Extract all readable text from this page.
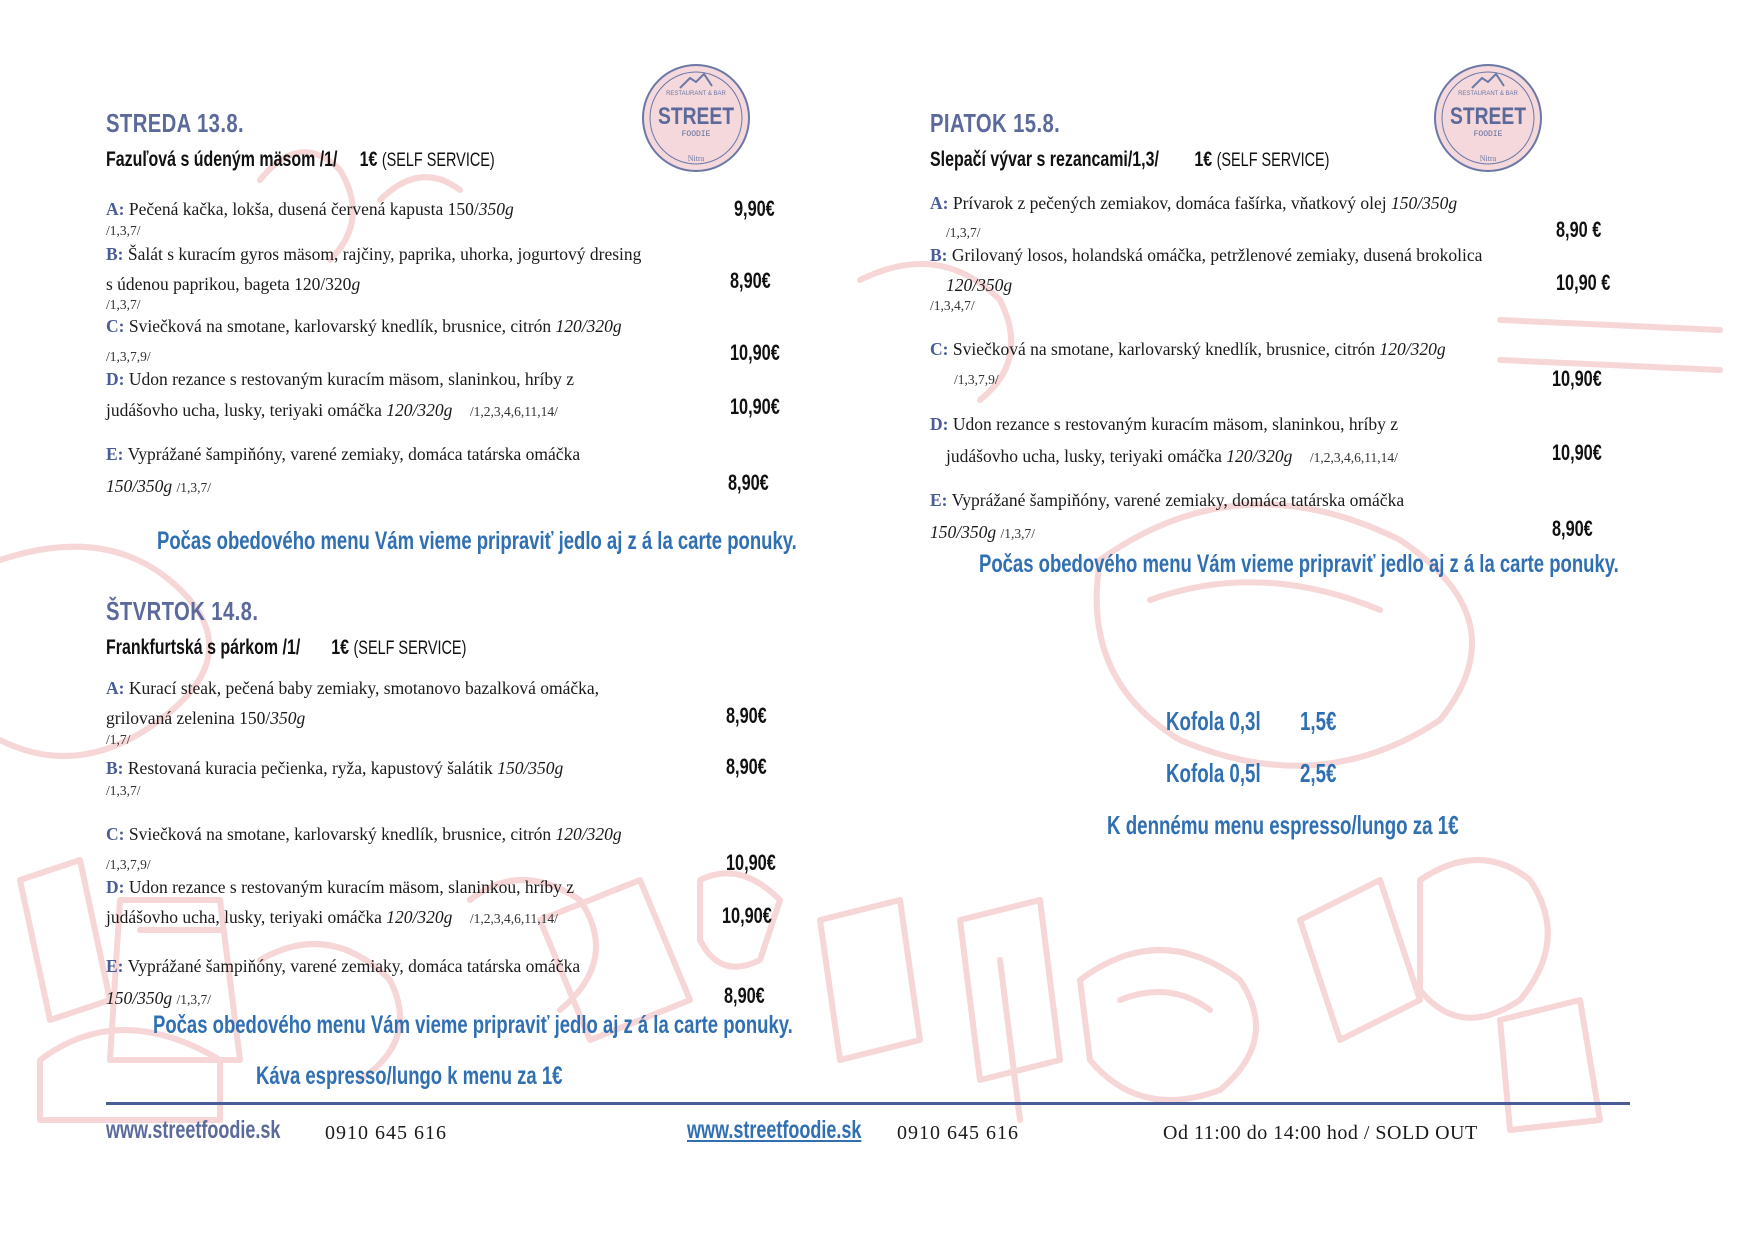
RESTAURANT & BAR
STREET
FOODIE
Nitra
RESTAURANT & BAR
STREET
FOODIE
Nitra
STREDA 13.8.
Fazuľová s údeným mäsom /1/ 1€ (SELF SERVICE)
A: Pečená kačka, lokša, dusená červená kapusta 150/350g
/1,3,7/
9,90€
B: Šalát s kuracím gyros mäsom, rajčiny, paprika, uhorka, jogurtový dresing
s údenou paprikou, bageta 120/320g
/1,3,7/
8,90€
C: Sviečková na smotane, karlovarský knedlík, brusnice, citrón 120/320g
/1,3,7,9/	10,90€
D: Udon rezance s restovaným kuracím mäsom, slaninkou, hríby z
judášovho ucha, lusky, teriyaki omáčka 120/320g /1,2,3,4,6,11,14/	10,90€
E: Vyprážané šampiňóny, varené zemiaky, domáca tatárska omáčka
150/350g /1,3,7/	8,90€
Počas obedového menu Vám vieme pripraviť jedlo aj z á la carte ponuky.
ŠTVRTOK 14.8.
Frankfurtská s párkom /1/ 1€ (SELF SERVICE)
A: Kurací steak, pečená baby zemiaky, smotanovo bazalková omáčka,
grilovaná zelenina 150/350g
/1,7/
8,90€
B: Restovaná kuracia pečienka, ryža, kapustový šalátik 150/350g
/1,3,7/
8,90€
C: Sviečková na smotane, karlovarský knedlík, brusnice, citrón 120/320g
/1,3,7,9/	10,90€
D: Udon rezance s restovaným kuracím mäsom, slaninkou, hríby z
judášovho ucha, lusky, teriyaki omáčka 120/320g /1,2,3,4,6,11,14/	10,90€
E: Vyprážané šampiňóny, varené zemiaky, domáca tatárska omáčka
150/350g /1,3,7/	8,90€
Počas obedového menu Vám vieme pripraviť jedlo aj z á la carte ponuky.
Káva espresso/lungo k menu za 1€
PIATOK 15.8.
Slepačí vývar s rezancami/1,3/ 1€ (SELF SERVICE)
A: Prívarok z pečených zemiakov, domáca fašírka, vňatkový olej 150/350g
/1,3,7/	8,90 €
B: Grilovaný losos, holandská omáčka, petržlenové zemiaky, dusená brokolica
120/350g
/1,3,4,7/
10,90 €
C: Sviečková na smotane, karlovarský knedlík, brusnice, citrón 120/320g
/1,3,7,9/	10,90€
D: Udon rezance s restovaným kuracím mäsom, slaninkou, hríby z
judášovho ucha, lusky, teriyaki omáčka 120/320g /1,2,3,4,6,11,14/	10,90€
E: Vyprážané šampiňóny, varené zemiaky, domáca tatárska omáčka
150/350g /1,3,7/	8,90€
Počas obedového menu Vám vieme pripraviť jedlo aj z á la carte ponuky.
Kofola 0,3l 1,5€
Kofola 0,5l 2,5€
K dennému menu espresso/lungo za 1€
www.streetfoodie.sk 0910 645 616	www.streetfoodie.sk 0910 645 616	Od 11:00 do 14:00 hod / SOLD OUT
